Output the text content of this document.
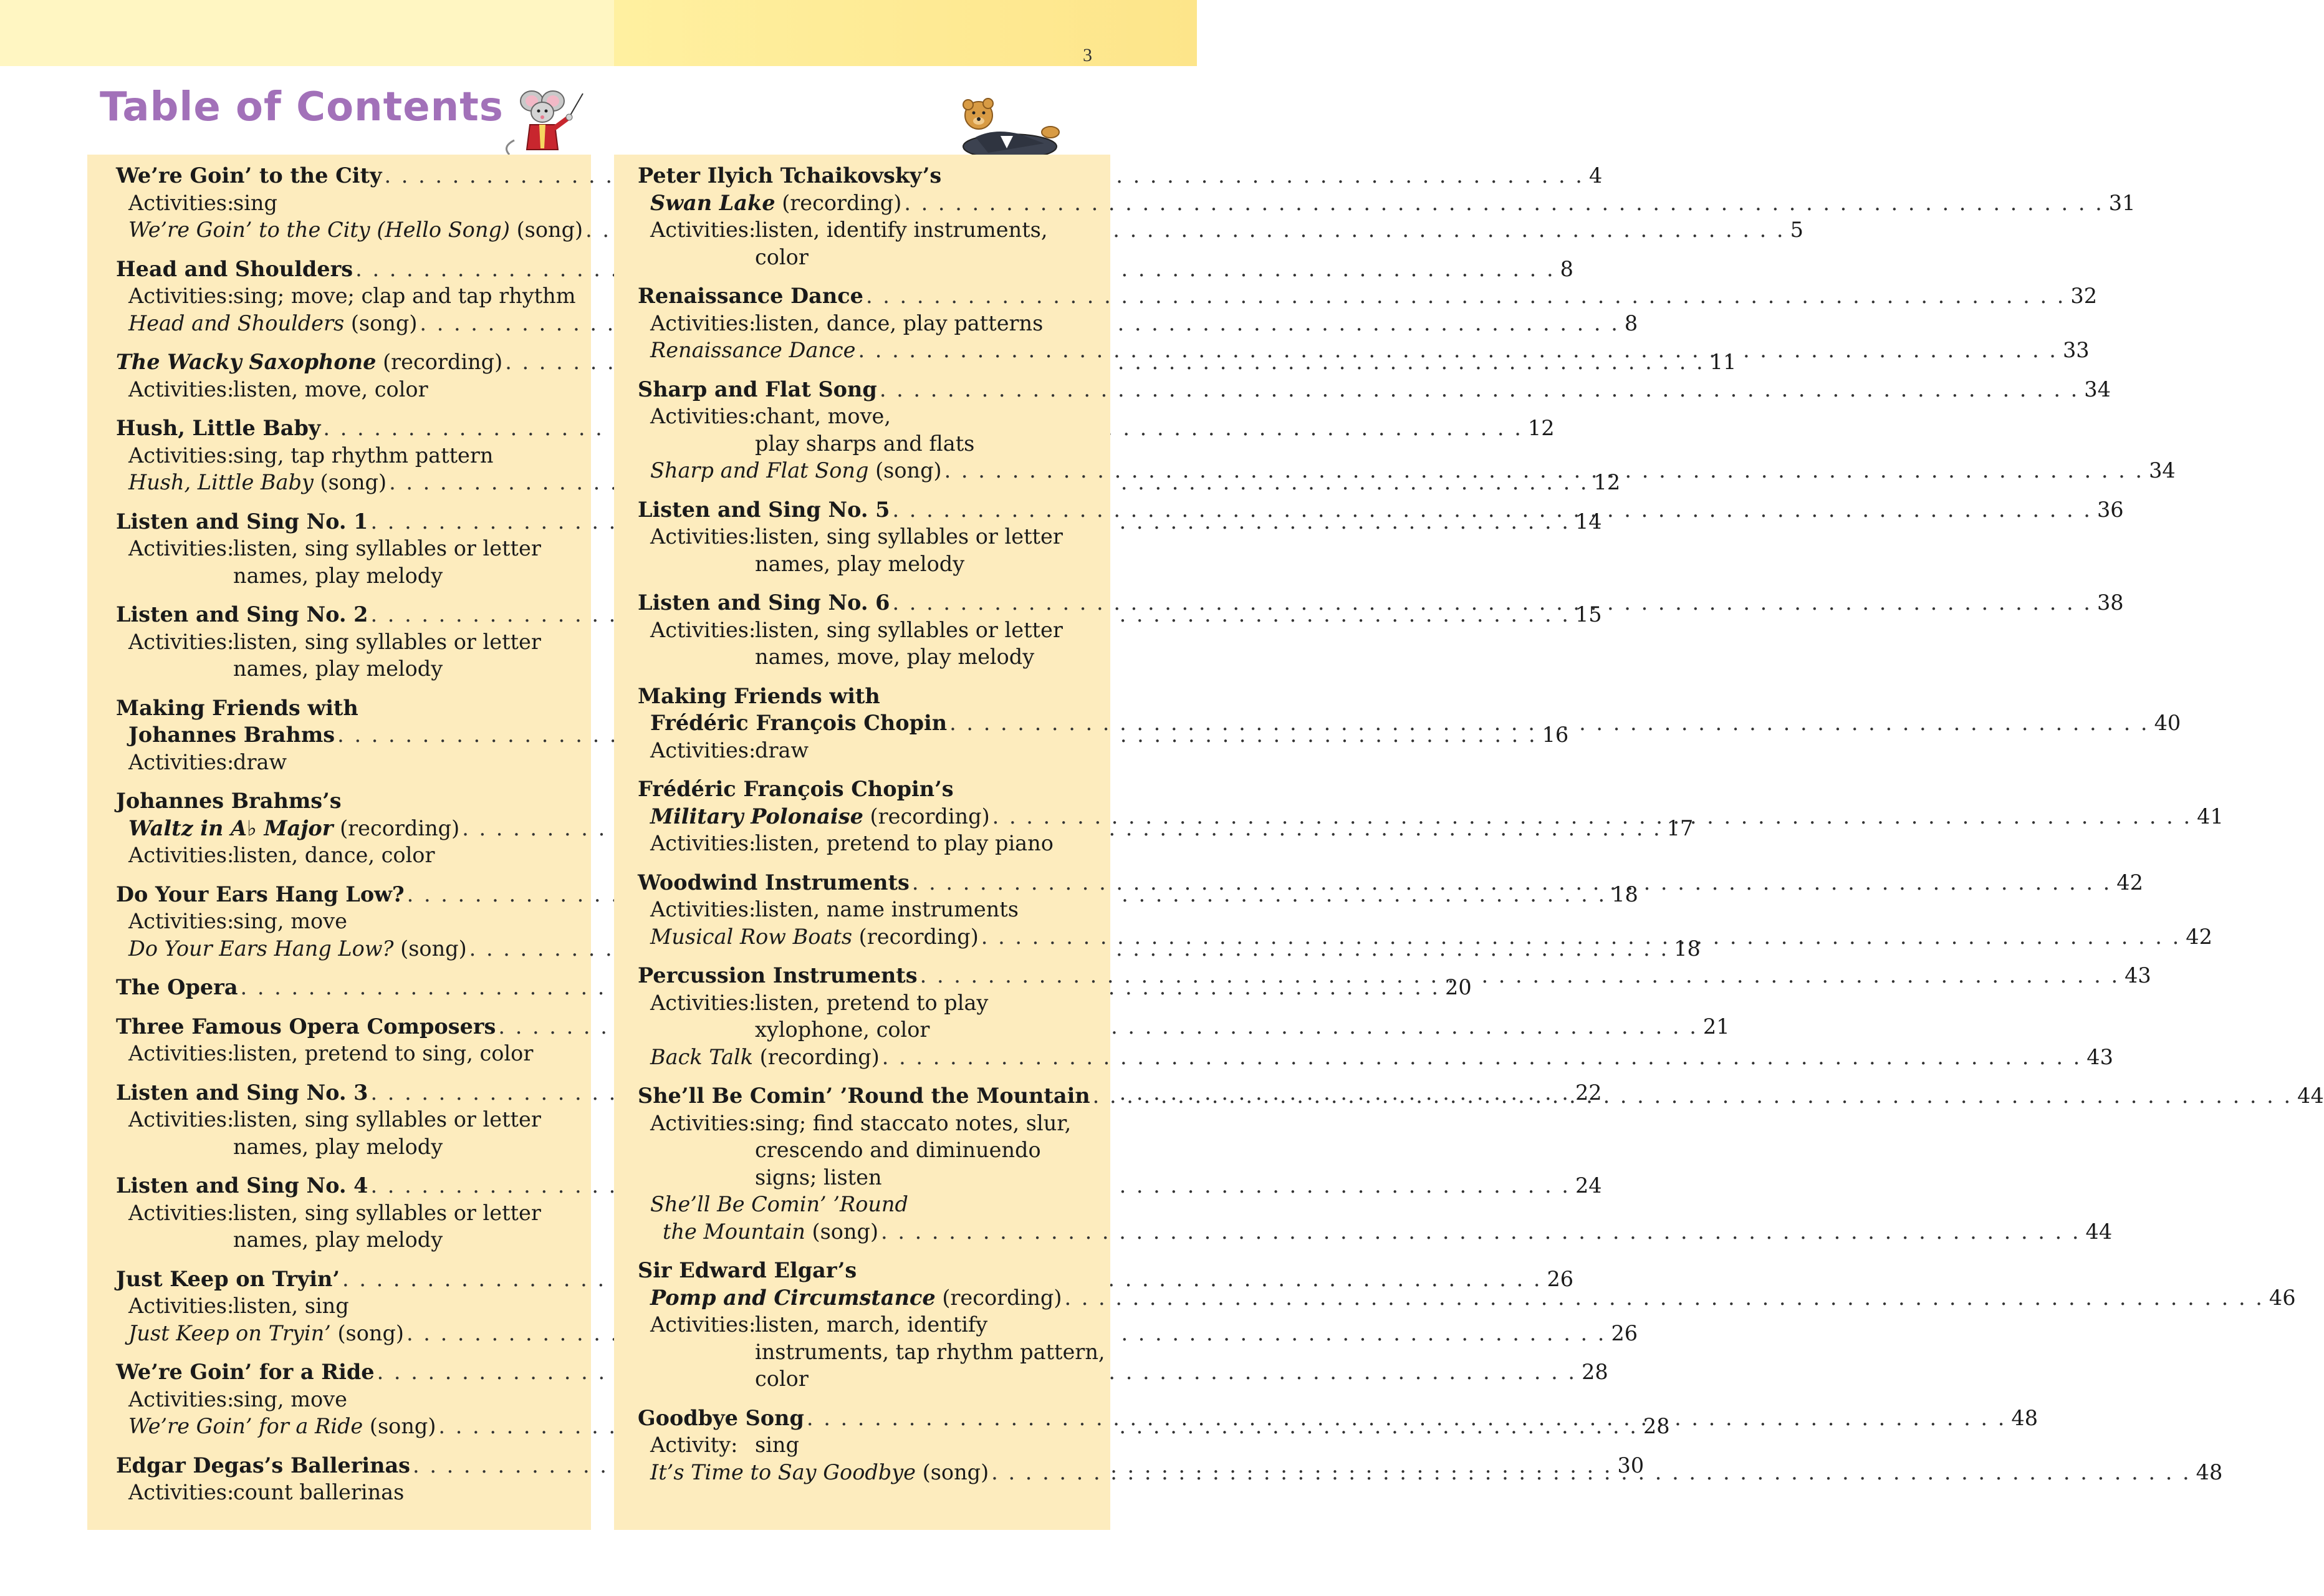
3
Table of Contents
We’re Goin’ to the City . . .	4
Activities:sing
We’re Goin’ to the City (Hello Song) (song) . . .	5
Head and Shoulders . . .	8
Activities:sing; move; clap and tap rhythm
Head and Shoulders (song) . . .	8
The Wacky Saxophone (recording) . . .	11
Activities:listen, move, color
Hush, Little Baby . . .	12
Activities:sing, tap rhythm pattern
Hush, Little Baby (song) . . .	12
Listen and Sing No. 1 . . .	14
Activities:listen, sing syllables or letter
names, play melody
Listen and Sing No. 2 . . .	15
Activities:listen, sing syllables or letter
names, play melody
Making Friends with
Johannes Brahms . . .	16
Activities:draw
Johannes Brahms’s
Waltz in A♭ Major (recording) . . .	17
Activities:listen, dance, color
Do Your Ears Hang Low? . . .	18
Activities:sing, move
Do Your Ears Hang Low? (song) . . .	18
The Opera . . .	20
Three Famous Opera Composers . . .	21
Activities:listen, pretend to sing, color
Listen and Sing No. 3 . . .	22
Activities:listen, sing syllables or letter
names, play melody
Listen and Sing No. 4 . . .	24
Activities:listen, sing syllables or letter
names, play melody
Just Keep on Tryin’ . . .	26
Activities:listen, sing
Just Keep on Tryin’ (song) . . .	26
We’re Goin’ for a Ride . . .	28
Activities:sing, move
We’re Goin’ for a Ride (song) . . .	28
Edgar Degas’s Ballerinas . . .	30
Activities:count ballerinas
Peter Ilyich Tchaikovsky’s
Swan Lake (recording) . . .	31
Activities:listen, identify instruments,
color
Renaissance Dance . . .	32
Activities:listen, dance, play patterns
Renaissance Dance . . .	33
Sharp and Flat Song . . .	34
Activities:chant, move,
play sharps and flats
Sharp and Flat Song (song) . . .	34
Listen and Sing No. 5 . . .	36
Activities:listen, sing syllables or letter
names, play melody
Listen and Sing No. 6 . . .	38
Activities:listen, sing syllables or letter
names, move, play melody
Making Friends with
Frédéric François Chopin . . .	40
Activities:draw
Frédéric François Chopin’s
Military Polonaise (recording) . . .	41
Activities:listen, pretend to play piano
Woodwind Instruments . . .	42
Activities:listen, name instruments
Musical Row Boats (recording) . . .	42
Percussion Instruments . . .	43
Activities:listen, pretend to play
xylophone, color
Back Talk (recording) . . .	43
She’ll Be Comin’ ’Round the Mountain . . .	44
Activities:sing; find staccato notes, slur,
crescendo and diminuendo
signs; listen
She’ll Be Comin’ ’Round
the Mountain (song) . . .	44
Sir Edward Elgar’s
Pomp and Circumstance (recording) . . .	46
Activities:listen, march, identify
instruments, tap rhythm pattern,
color
Goodbye Song . . .	48
Activity: sing
It’s Time to Say Goodbye (song) . . .	48
